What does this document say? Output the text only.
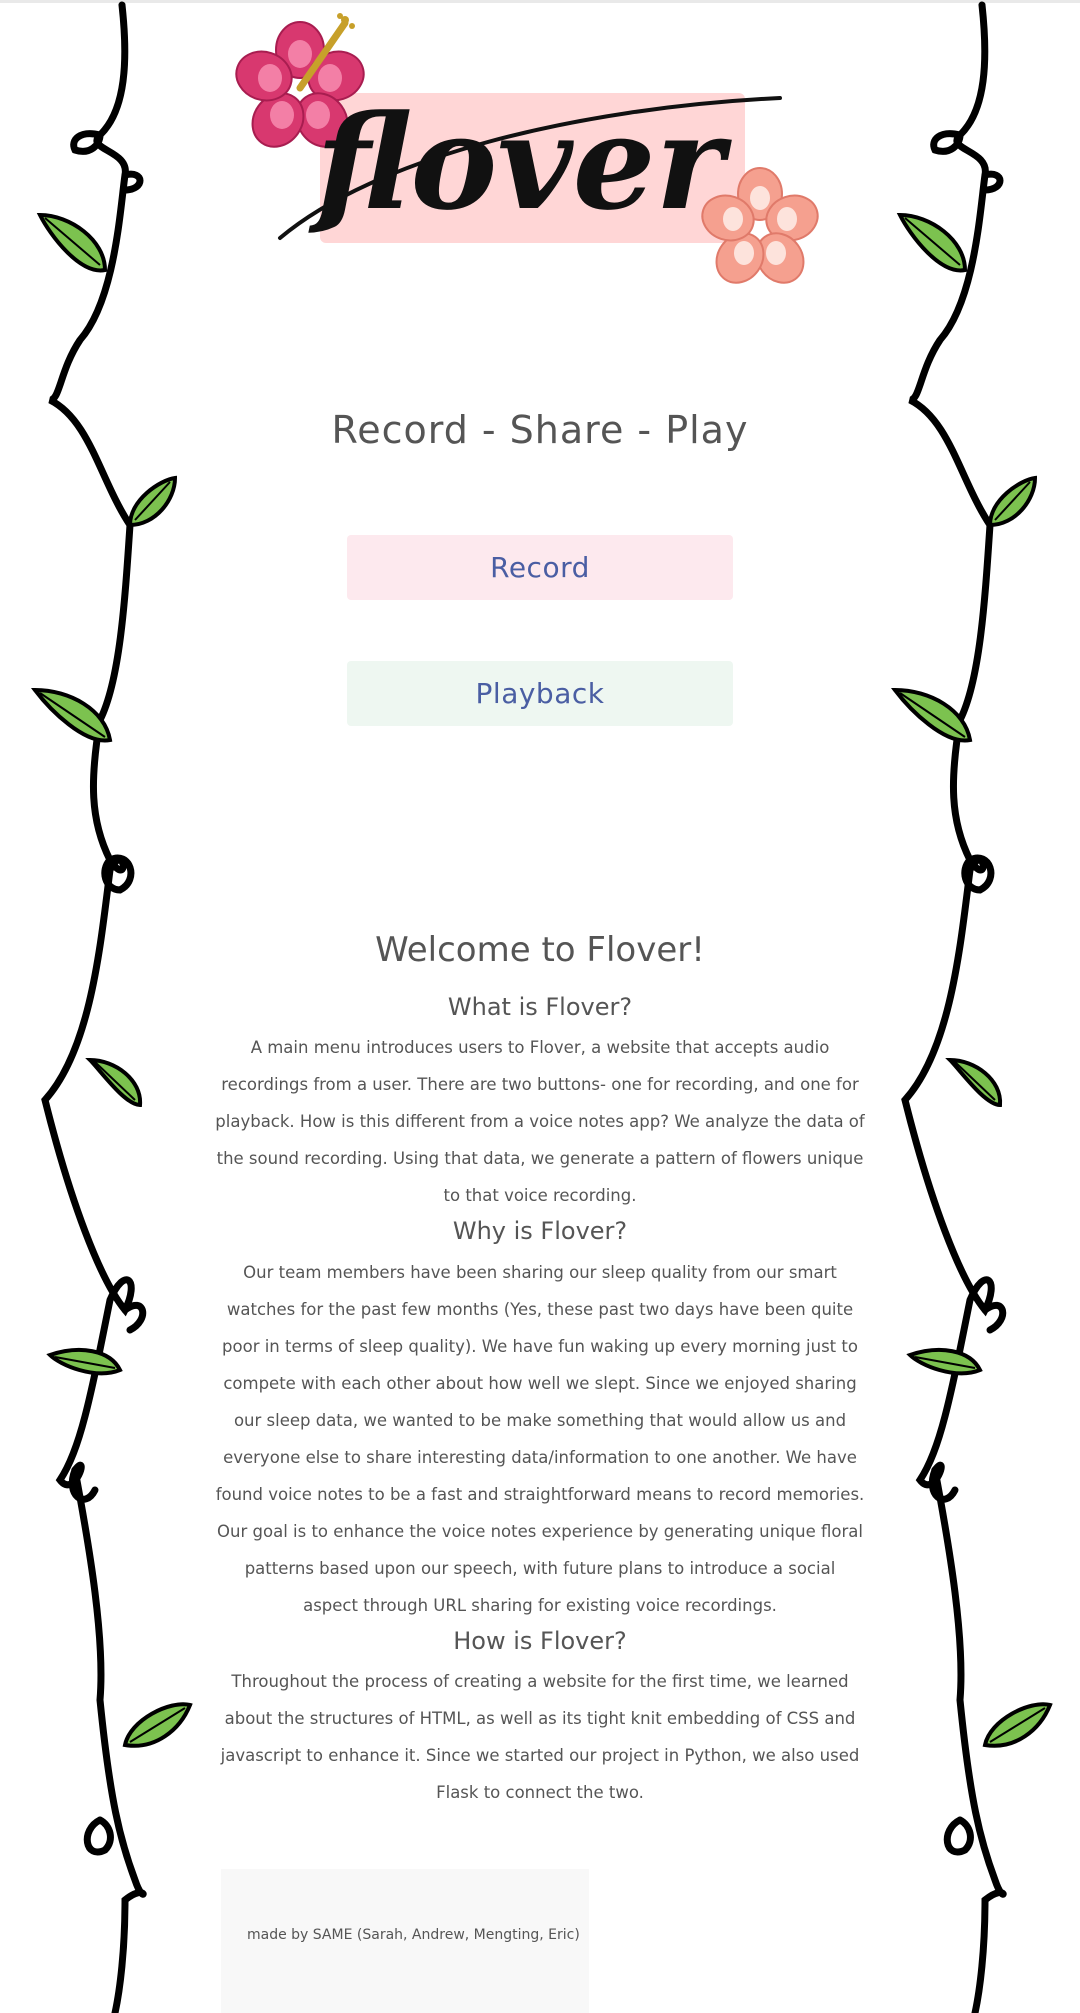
flover
Record - Share - Play
Record
Playback
Welcome to Flover!
What is Flover?

A main menu introduces users to Flover, a website that accepts audio recordings from a user. There are two buttons- one for recording, and one for playback. How is this different from a voice notes app? We analyze the data of the sound recording. Using that data, we generate a pattern of flowers unique to that voice recording.

Why is Flover?

Our team members have been sharing our sleep quality from our smart watches for the past few months (Yes, these past two days have been quite poor in terms of sleep quality). We have fun waking up every morning just to compete with each other about how well we slept. Since we enjoyed sharing our sleep data, we wanted to be make something that would allow us and everyone else to share interesting data/information to one another. We have found voice notes to be a fast and straightforward means to record memories. Our goal is to enhance the voice notes experience by generating unique floral patterns based upon our speech, with future plans to introduce a social aspect through URL sharing for existing voice recordings.

How is Flover?

Throughout the process of creating a website for the first time, we learned about the structures of HTML, as well as its tight knit embedding of CSS and javascript to enhance it. Since we started our project in Python, we also used Flask to connect the two.

made by SAME (Sarah, Andrew, Mengting, Eric)
